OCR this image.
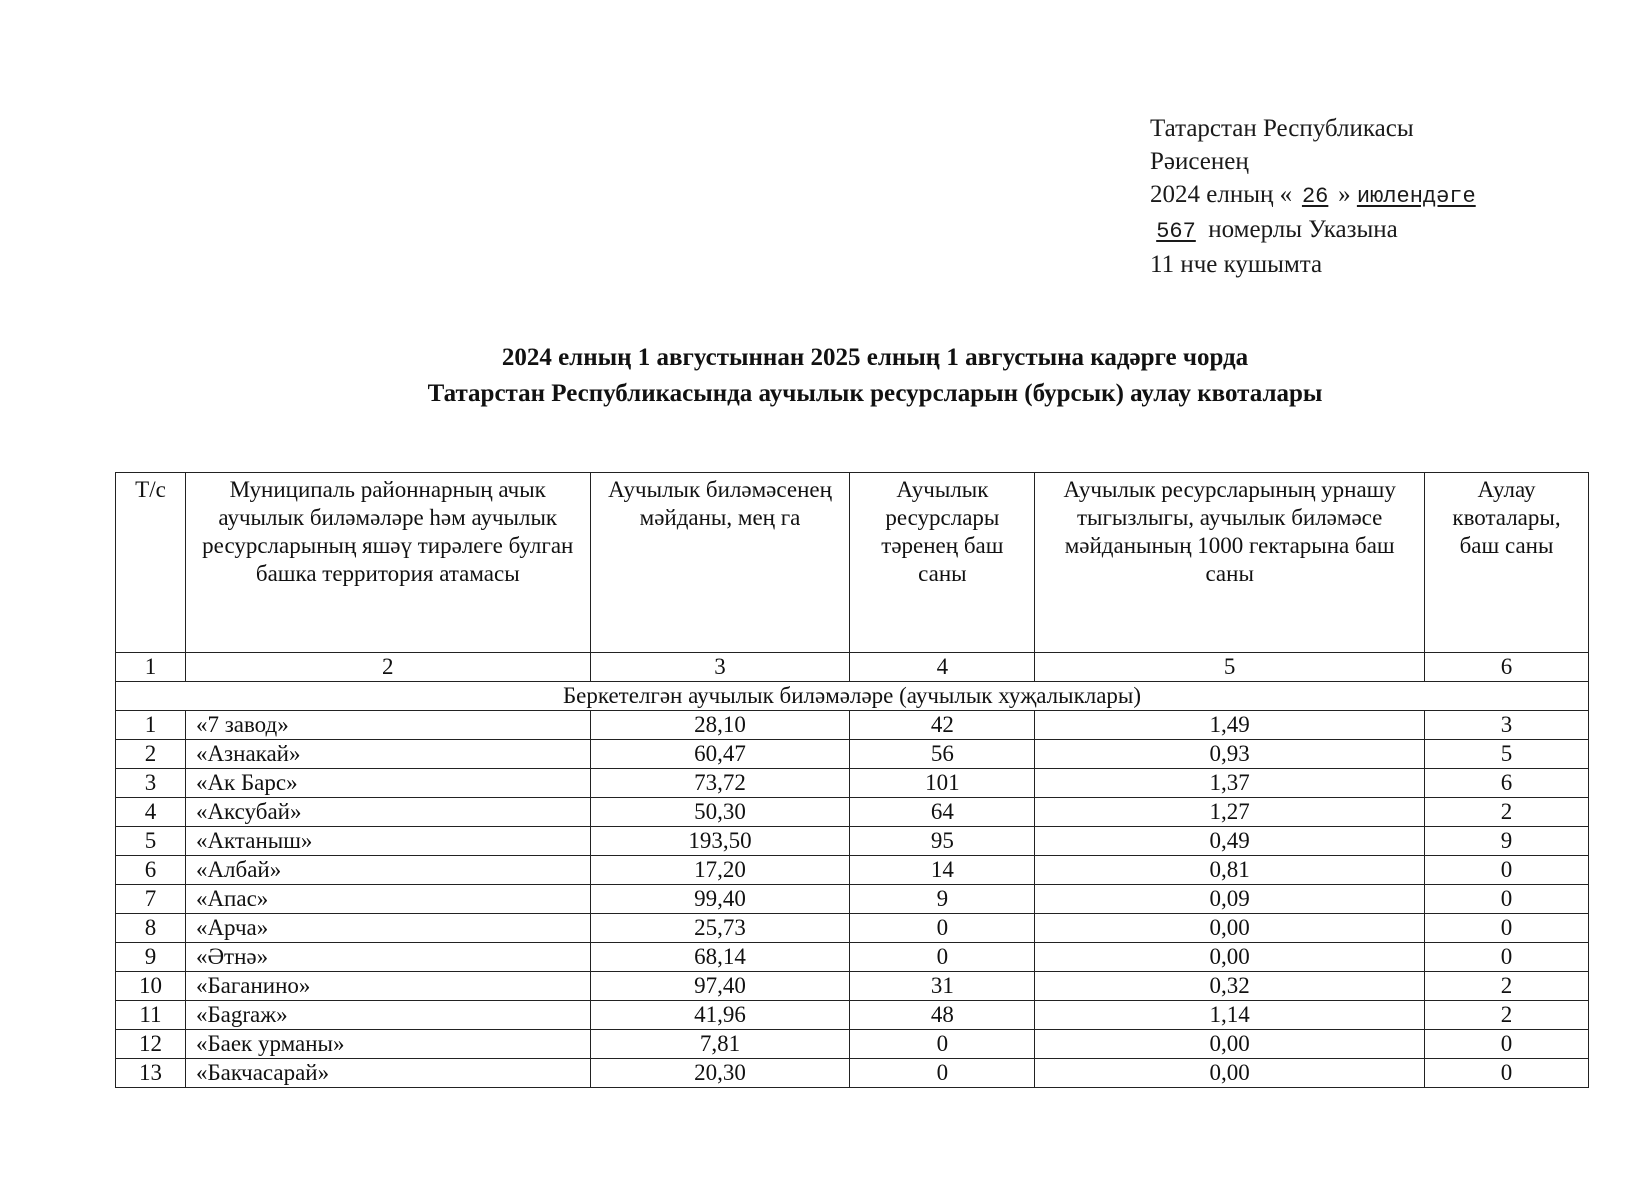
Татарстан Республикасы
Рәисенең
2024 елның « 26 » июлендәге
567 номерлы Указына
11 нче кушымта
2024 елның 1 августыннан 2025 елның 1 августына кадәрге чорда
Татарстан Республикасында аучылык ресурсларын (бурсык) аулау квоталары
Т/с	Муниципаль районнарның ачык аучылык биләмәләре һәм аучылык ресурсларының яшәү тирәлеге булган башка территория атамасы	Аучылык биләмәсенең мәйданы, мең га	Аучылык ресурслары тәренең баш саны	Аучылык ресурсларының урнашу тыгызлыгы, аучылык биләмәсе мәйданының 1000 гектарына баш саны	Аулау квоталары, баш саны
1	2	3	4	5	6
Беркетелгән аучылык биләмәләре (аучылык хуҗалыклары)					
1	«7 завод»	28,10	42	1,49	3
2	«Азнакай»	60,47	56	0,93	5
3	«Ак Барс»	73,72	101	1,37	6
4	«Аксубай»	50,30	64	1,27	2
5	«Актаныш»	193,50	95	0,49	9
6	«Албай»	17,20	14	0,81	0
7	«Апас»	99,40	9	0,09	0
8	«Арча»	25,73	0	0,00	0
9	«Әтнә»	68,14	0	0,00	0
10	«Баганино»	97,40	31	0,32	2
11	«Бagraж»	41,96	48	1,14	2
12	«Баек урманы»	7,81	0	0,00	0
13	«Бакчасарай»	20,30	0	0,00	0
